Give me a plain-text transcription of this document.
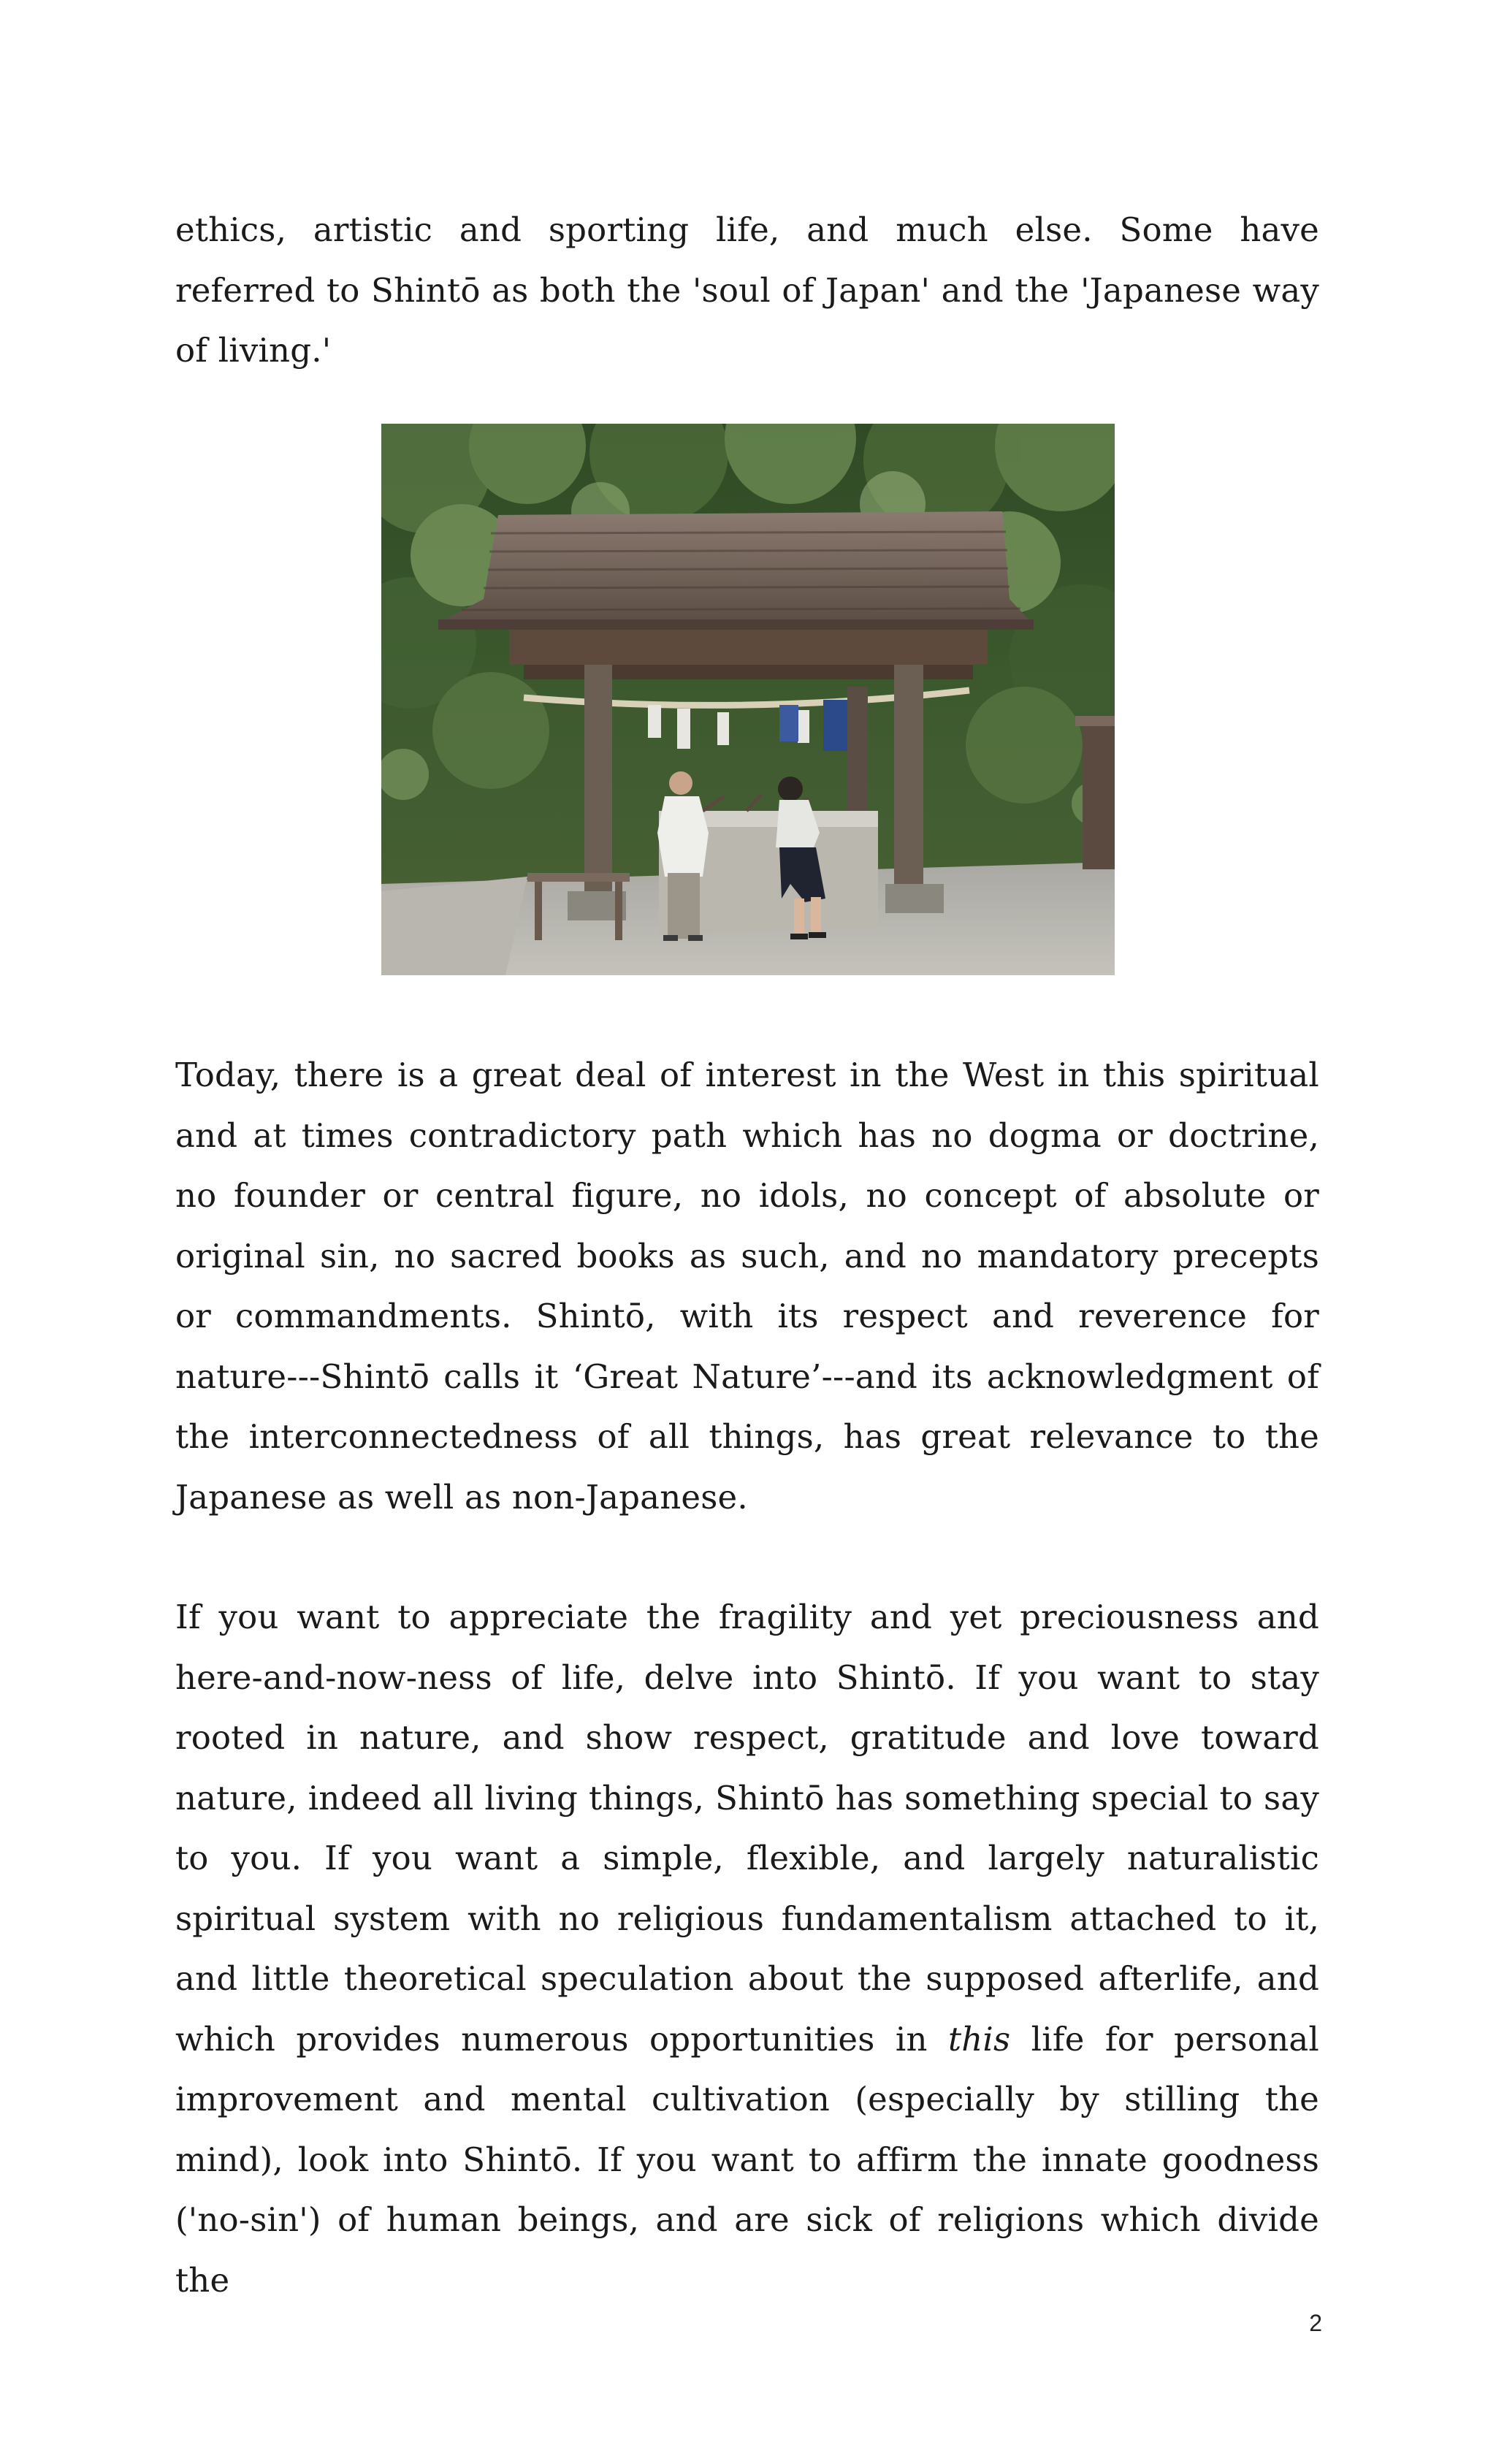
ethics, artistic and sporting life, and much else. Some have referred to Shintō as both the 'soul of Japan' and the 'Japanese way of living.'

Today, there is a great deal of interest in the West in this spiritual and at times contradictory path which has no dogma or doctrine, no founder or central figure, no idols, no concept of absolute or original sin, no sacred books as such, and no mandatory precepts or commandments. Shintō, with its respect and reverence for nature---Shintō calls it ‘Great Nature’---and its acknowledgment of the interconnectedness of all things, has great relevance to the Japanese as well as non-Japanese.

If you want to appreciate the fragility and yet preciousness and here-and-now-ness of life, delve into Shintō. If you want to stay rooted in nature, and show respect, gratitude and love toward nature, indeed all living things, Shintō has something special to say to you. If you want a simple, flexible, and largely naturalistic spiritual system with no religious fundamentalism attached to it, and little theoretical speculation about the supposed afterlife, and which provides numerous opportunities in this life for personal improvement and mental cultivation (especially by stilling the mind), look into Shintō. If you want to affirm the innate goodness ('no-sin') of human beings, and are sick of religions which divide the

2
